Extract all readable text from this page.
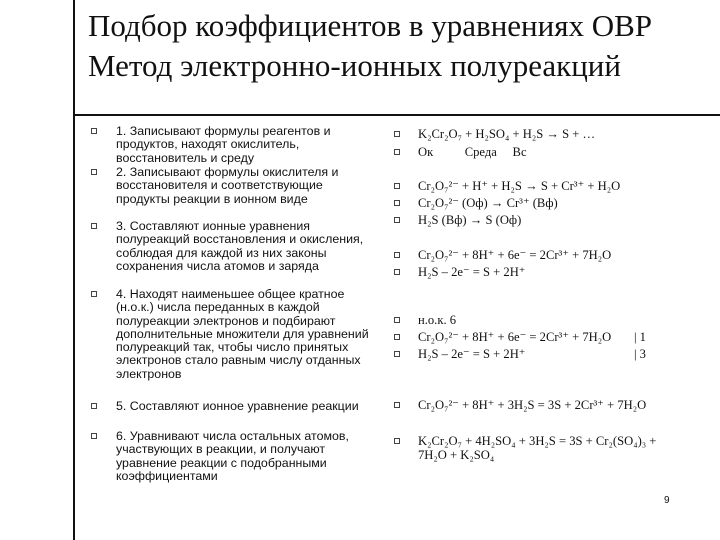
Подбор коэффициентов в уравнениях ОВР
Метод электронно-ионных полуреакций
1. Записывают формулы реагентов и продуктов, находят окислитель, восстановитель и среду
2. Записывают формулы окислителя и восстановителя и соответствующие продукты реакции в ионном виде
3. Составляют ионные уравнения полуреакций восстановления и окисления, соблюдая для каждой из них законы сохранения числа атомов и заряда
4. Находят наименьшее общее кратное (н.о.к.) числа переданных в каждой полуреакции электронов и подбирают дополнительные множители для уравнений полуреакций так, чтобы число принятых электронов стало равным числу отданных электронов
5. Составляют ионное уравнение реакции
6. Уравнивают числа остальных атомов, участвующих в реакции, и получают уравнение реакции с подобранными коэффициентами
K₂Cr₂O₇ + H₂SO₄ + H₂S → S + …
Ок          Среда     Вс
Cr₂O₇²⁻ + H⁺ + H₂S → S + Cr³⁺ + H₂O
Cr₂O₇²⁻ (Оф) → Cr³⁺ (Вф)
H₂S (Вф) → S (Оф)
Cr₂O₇²⁻ + 8H⁺ + 6e⁻ = 2Cr³⁺ + 7H₂O
H₂S – 2e⁻ = S + 2H⁺
н.о.к. 6
Cr₂O₇²⁻ + 8H⁺ + 6e⁻ = 2Cr³⁺ + 7H₂O | 1
H₂S – 2e⁻ = S + 2H⁺	| 3
Cr₂O₇²⁻ + 8H⁺ + 3H₂S = 3S + 2Cr³⁺ + 7H₂O
K₂Cr₂O₇ + 4H₂SO₄ + 3H₂S = 3S + Cr₂(SO₄)₃ +
7H₂O + K₂SO₄
9
